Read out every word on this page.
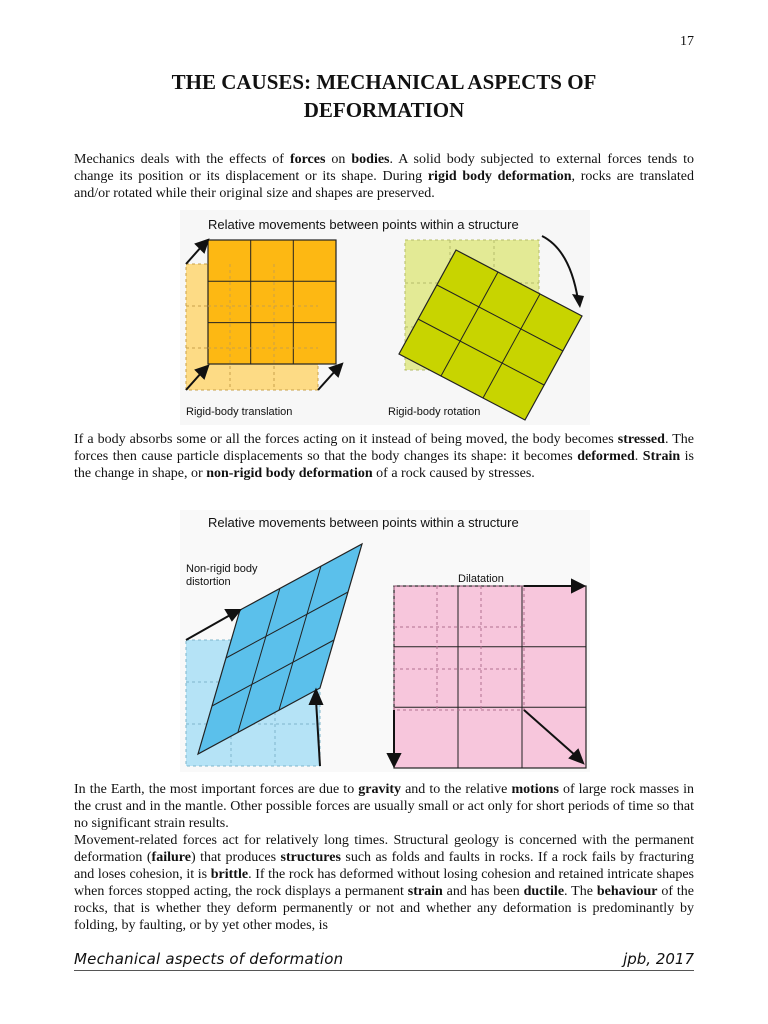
17
THE CAUSES: MECHANICAL ASPECTS OF
DEFORMATION

Mechanics deals with the effects of forces on bodies. A solid body subjected to external forces tends to change its position or its displacement or its shape. During rigid body deformation, rocks are translated and/or rotated while their original size and shapes are preserved.

Relative movements between points within a structure
Rigid-body translation	Rigid-body rotation

If a body absorbs some or all the forces acting on it instead of being moved, the body becomes stressed. The forces then cause particle displacements so that the body changes its shape: it becomes deformed. Strain is the change in shape, or non-rigid body deformation of a rock caused by stresses.

Relative movements between points within a structure
Non-rigid body
distortion	Dilatation

In the Earth, the most important forces are due to gravity and to the relative motions of large rock masses in the crust and in the mantle. Other possible forces are usually small or act only for short periods of time so that no significant strain results.

Movement-related forces act for relatively long times. Structural geology is concerned with the permanent deformation (failure) that produces structures such as folds and faults in rocks. If a rock fails by fracturing and loses cohesion, it is brittle. If the rock has deformed without losing cohesion and retained intricate shapes when forces stopped acting, the rock displays a permanent strain and has been ductile. The behaviour of the rocks, that is whether they deform permanently or not and whether any deformation is predominantly by folding, by faulting, or by yet other modes, is

Mechanical aspects of deformation	jpb, 2017
